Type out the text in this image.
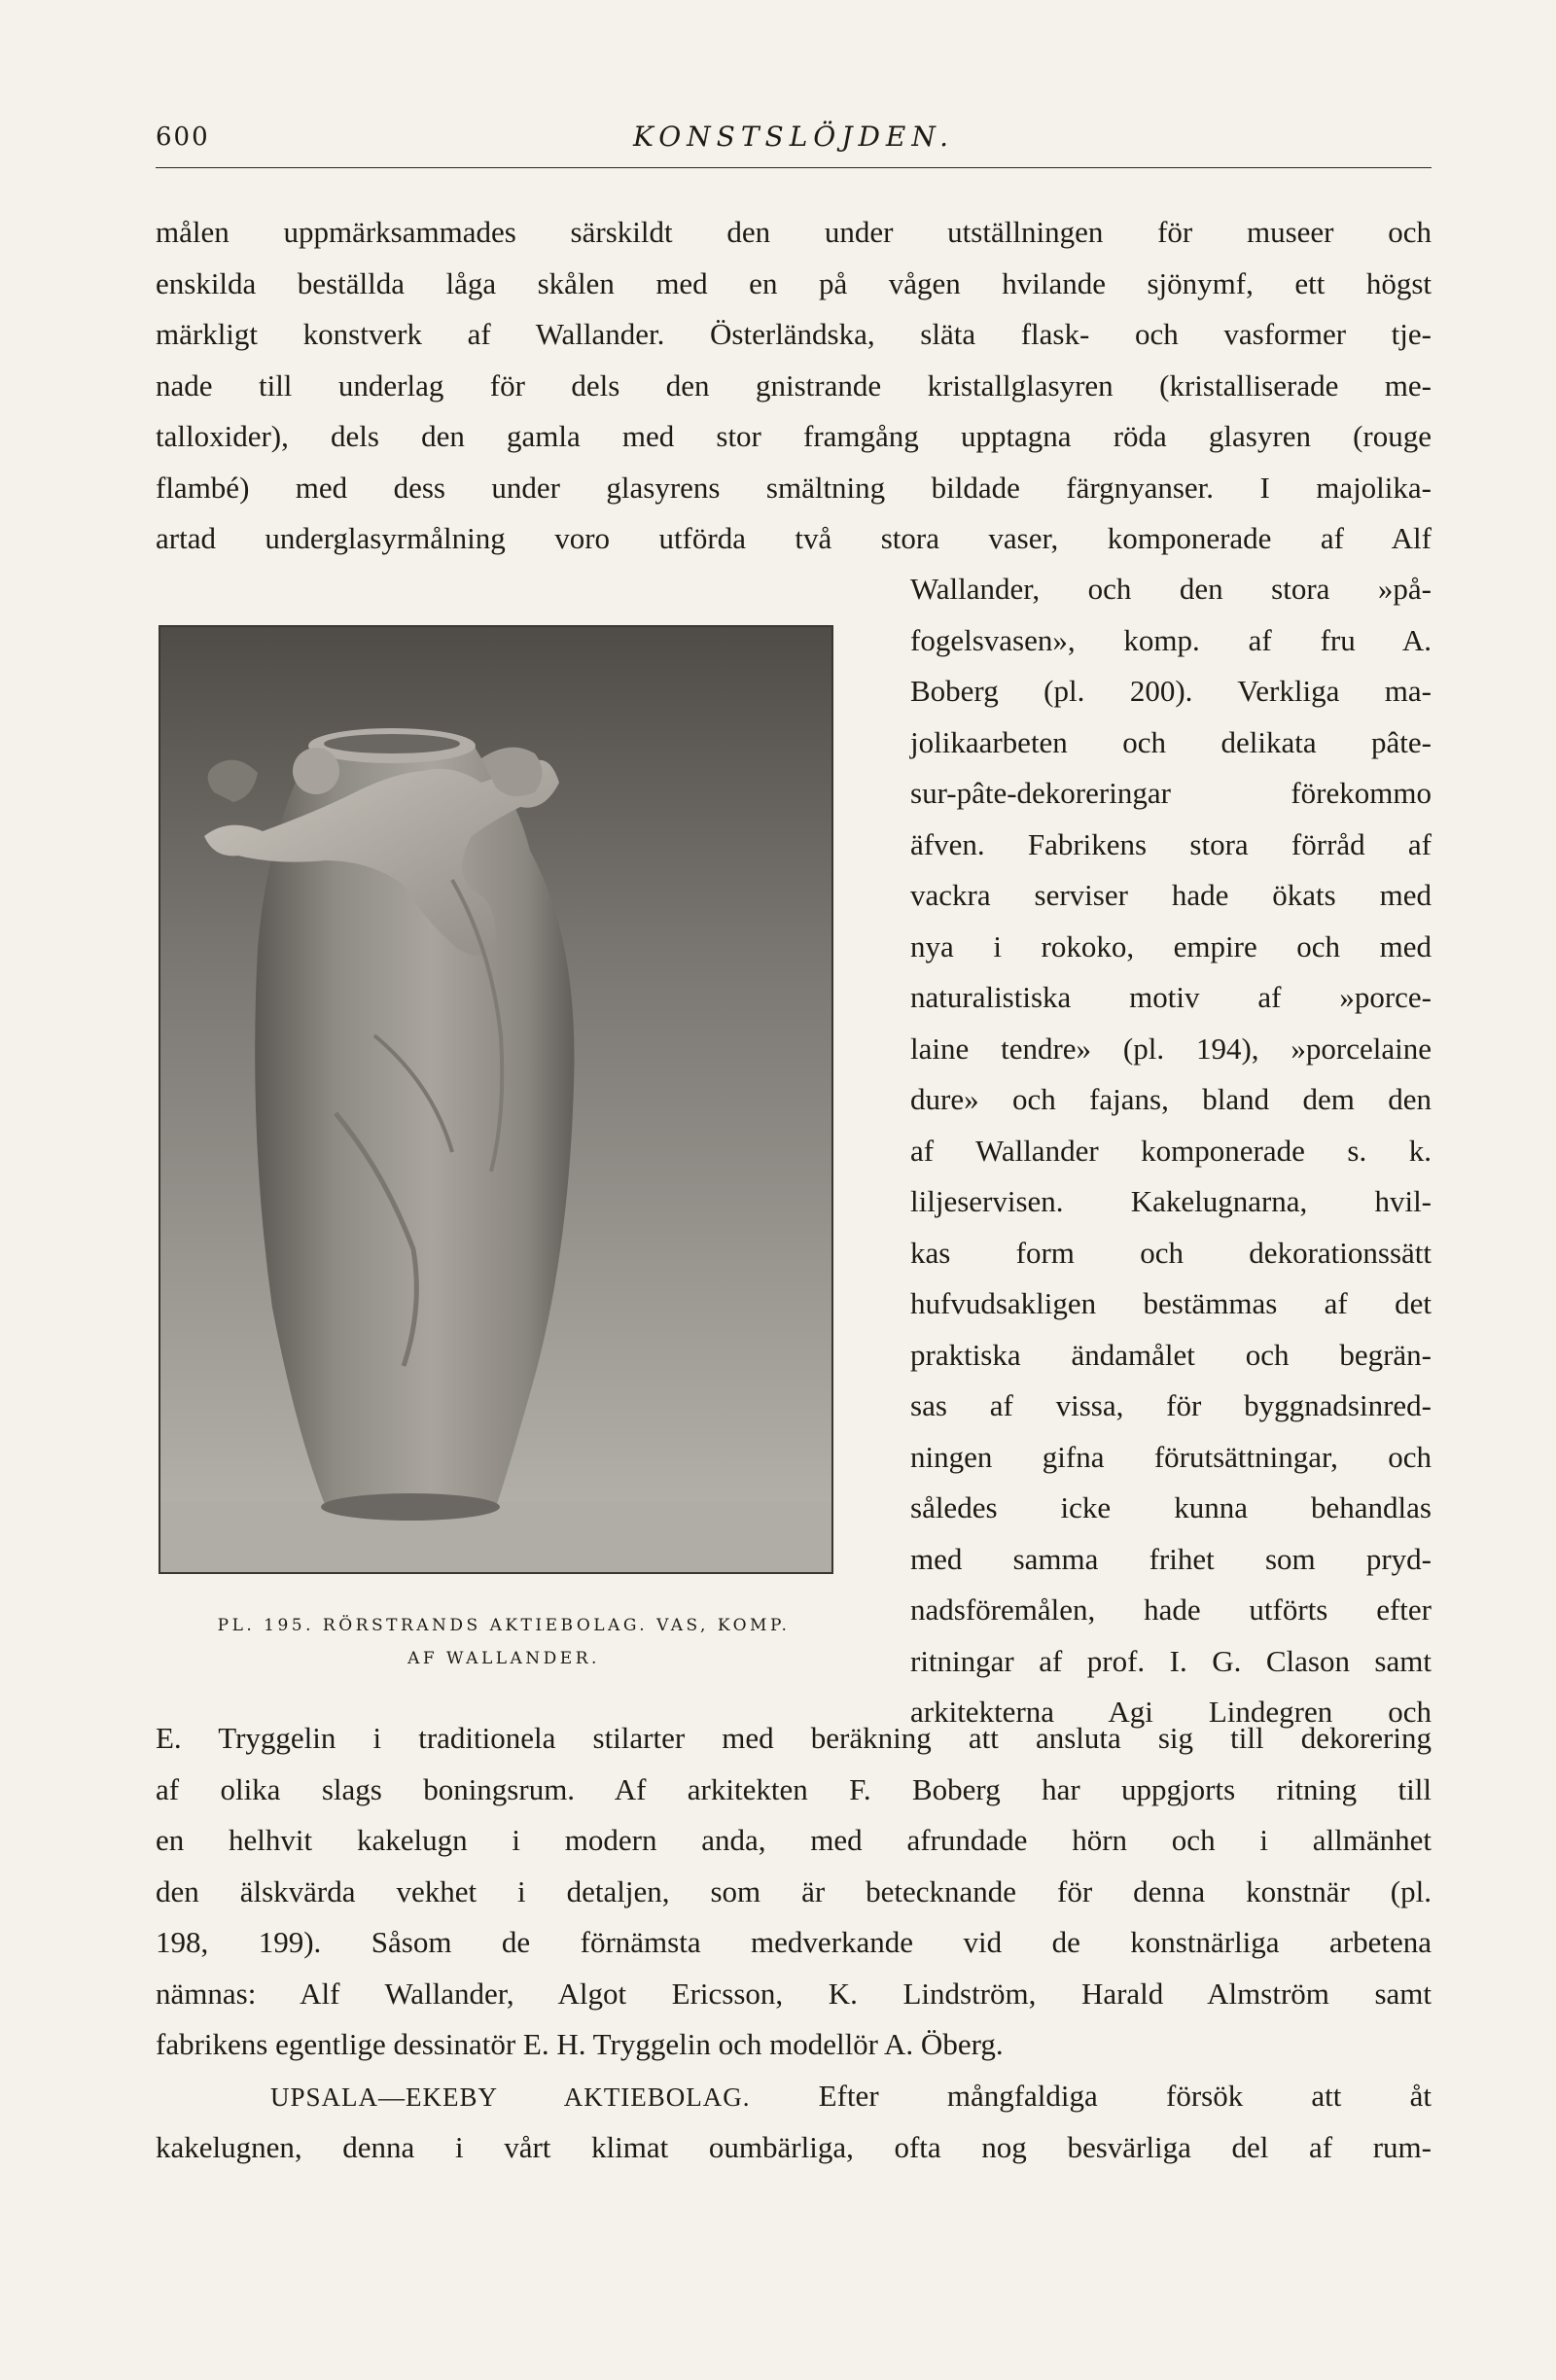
600	KONSTSLÖJDEN.
målen uppmärksammades särskildt den under utställningen för museer och
enskilda beställda låga skålen med en på vågen hvilande sjönymf, ett högst
märkligt konstverk af Wallander. Österländska, släta flask- och vasformer tje-
nade till underlag för dels den gnistrande kristallglasyren (kristalliserade me-
talloxider), dels den gamla med stor framgång upptagna röda glasyren (rouge
flambé) med dess under glasyrens smältning bildade färgnyanser. I majolika-
artad underglasyrmålning voro utförda två stora vaser, komponerade af Alf
Wallander, och den stora »på-
fogelsvasen», komp. af fru A.
Boberg (pl. 200). Verkliga ma-
jolikaarbeten och delikata pâte-
sur-pâte-dekoreringar förekommo
äfven. Fabrikens stora förråd af
vackra serviser hade ökats med
nya i rokoko, empire och med
naturalistiska motiv af »porce-
laine tendre» (pl. 194), »porcelaine
dure» och fajans, bland dem den
af Wallander komponerade s. k.
liljeservisen. Kakelugnarna, hvil-
kas form och dekorationssätt
hufvudsakligen bestämmas af det
praktiska ändamålet och begrän-
sas af vissa, för byggnadsinred-
ningen gifna förutsättningar, och
således icke kunna behandlas
med samma frihet som pryd-
nadsföremålen, hade utförts efter
ritningar af prof. I. G. Clason samt
arkitekterna Agi Lindegren och
PL. 195. RÖRSTRANDS AKTIEBOLAG. VAS, KOMP.
AF WALLANDER.
E. Tryggelin i traditionela stilarter med beräkning att ansluta sig till dekorering
af olika slags boningsrum. Af arkitekten F. Boberg har uppgjorts ritning till
en helhvit kakelugn i modern anda, med afrundade hörn och i allmänhet
den älskvärda vekhet i detaljen, som är betecknande för denna konstnär (pl.
198, 199). Såsom de förnämsta medverkande vid de konstnärliga arbetena
nämnas: Alf Wallander, Algot Ericsson, K. Lindström, Harald Almström samt
fabrikens egentlige dessinatör E. H. Tryggelin och modellör A. Öberg.
UPSALA—EKEBY AKTIEBOLAG. Efter mångfaldiga försök att åt
kakelugnen, denna i vårt klimat oumbärliga, ofta nog besvärliga del af rum-
